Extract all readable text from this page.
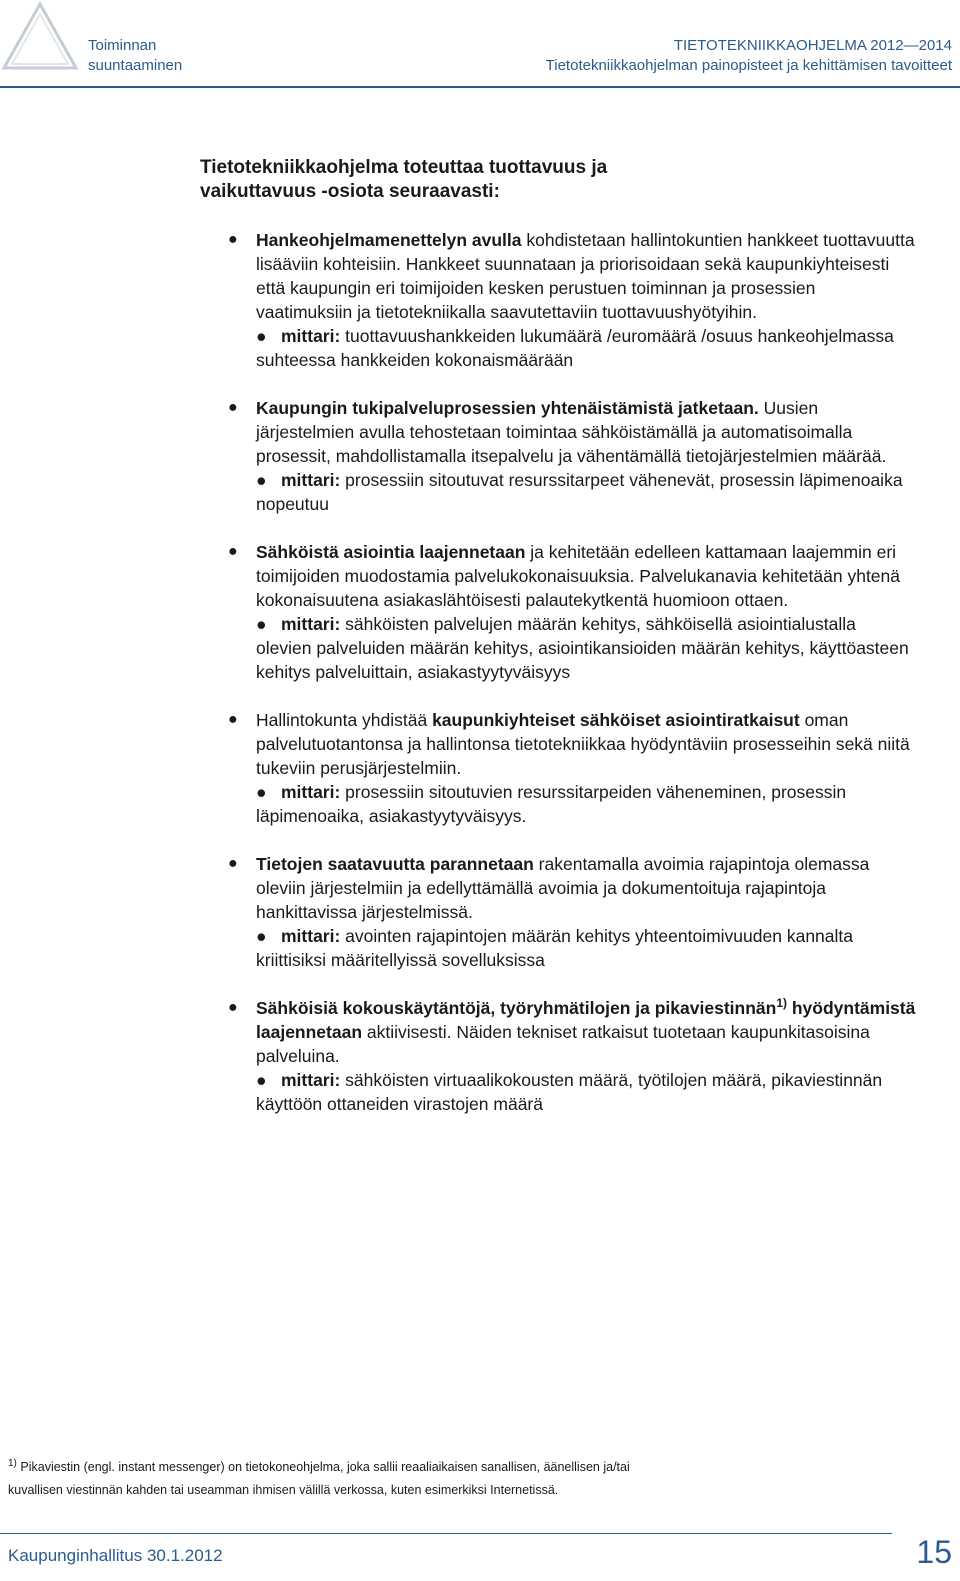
Toiminnan
suuntaaminen
TIETOTEKNIIKKAOHJELMA 2012—2014
Tietotekniikkaohjelman painopisteet ja kehittämisen tavoitteet
Tietotekniikkaohjelma toteuttaa tuottavuus ja
vaikuttavuus -osiota seuraavasti:
● Hankeohjelmamenettelyn avulla kohdistetaan hallintokuntien hankkeet tuottavuutta lisääviin kohteisiin. Hankkeet suunnataan ja priorisoidaan sekä kaupunkiyhteisesti että kaupungin eri toimijoiden kesken perustuen toiminnan ja prosessien vaatimuksiin ja tietotekniikalla saavutettaviin tuottavuushyötyihin.
● mittari: tuottavuushankkeiden lukumäärä /euromäärä /osuus hankeohjelmassa suhteessa hankkeiden kokonaismäärään
● Kaupungin tukipalveluprosessien yhtenäistämistä jatketaan. Uusien järjestelmien avulla tehostetaan toimintaa sähköistämällä ja automatisoimalla prosessit, mahdollistamalla itsepalvelu ja vähentämällä tietojärjestelmien määrää.
● mittari: prosessiin sitoutuvat resurssitarpeet vähenevät, prosessin läpimenoaika nopeutuu
● Sähköistä asiointia laajennetaan ja kehitetään edelleen kattamaan laajemmin eri toimijoiden muodostamia palvelukokonaisuuksia. Palvelukanavia kehitetään yhtenä kokonaisuutena asiakaslähtöisesti palautekytkentä huomioon ottaen.
● mittari: sähköisten palvelujen määrän kehitys, sähköisellä asiointialustalla olevien palveluiden määrän kehitys, asiointikansioiden määrän kehitys, käyttöasteen kehitys palveluittain, asiakastyytyväisyys
● Hallintokunta yhdistää kaupunkiyhteiset sähköiset asiointiratkaisut oman palvelutuotantonsa ja hallintonsa tietotekniikkaa hyödyntäviin prosesseihin sekä niitä tukeviin perusjärjestelmiin.
● mittari: prosessiin sitoutuvien resurssitarpeiden väheneminen, prosessin läpimenoaika, asiakastyytyväisyys.
● Tietojen saatavuutta parannetaan rakentamalla avoimia rajapintoja olemassa oleviin järjestelmiin ja edellyttämällä avoimia ja dokumentoituja rajapintoja hankittavissa järjestelmissä.
● mittari: avointen rajapintojen määrän kehitys yhteentoimivuuden kannalta kriittisiksi määritellyissä sovelluksissa
● Sähköisiä kokouskäytäntöjä, työryhmätilojen ja pikaviestinnän$^{1)}$ hyödyntämistä laajennetaan aktiivisesti. Näiden tekniset ratkaisut tuotetaan kaupunkitasoisina palveluina.
● mittari: sähköisten virtuaalikokousten määrä, työtilojen määrä, pikaviestinnän käyttöön ottaneiden virastojen määrä
$^{1)}$ Pikaviestin (engl. instant messenger) on tietokoneohjelma, joka sallii reaaliaikaisen sanallisen, äänellisen ja/tai
kuvallisen viestinnän kahden tai useamman ihmisen välillä verkossa, kuten esimerkiksi Internetissä.
Kaupunginhallitus 30.1.2012	15
